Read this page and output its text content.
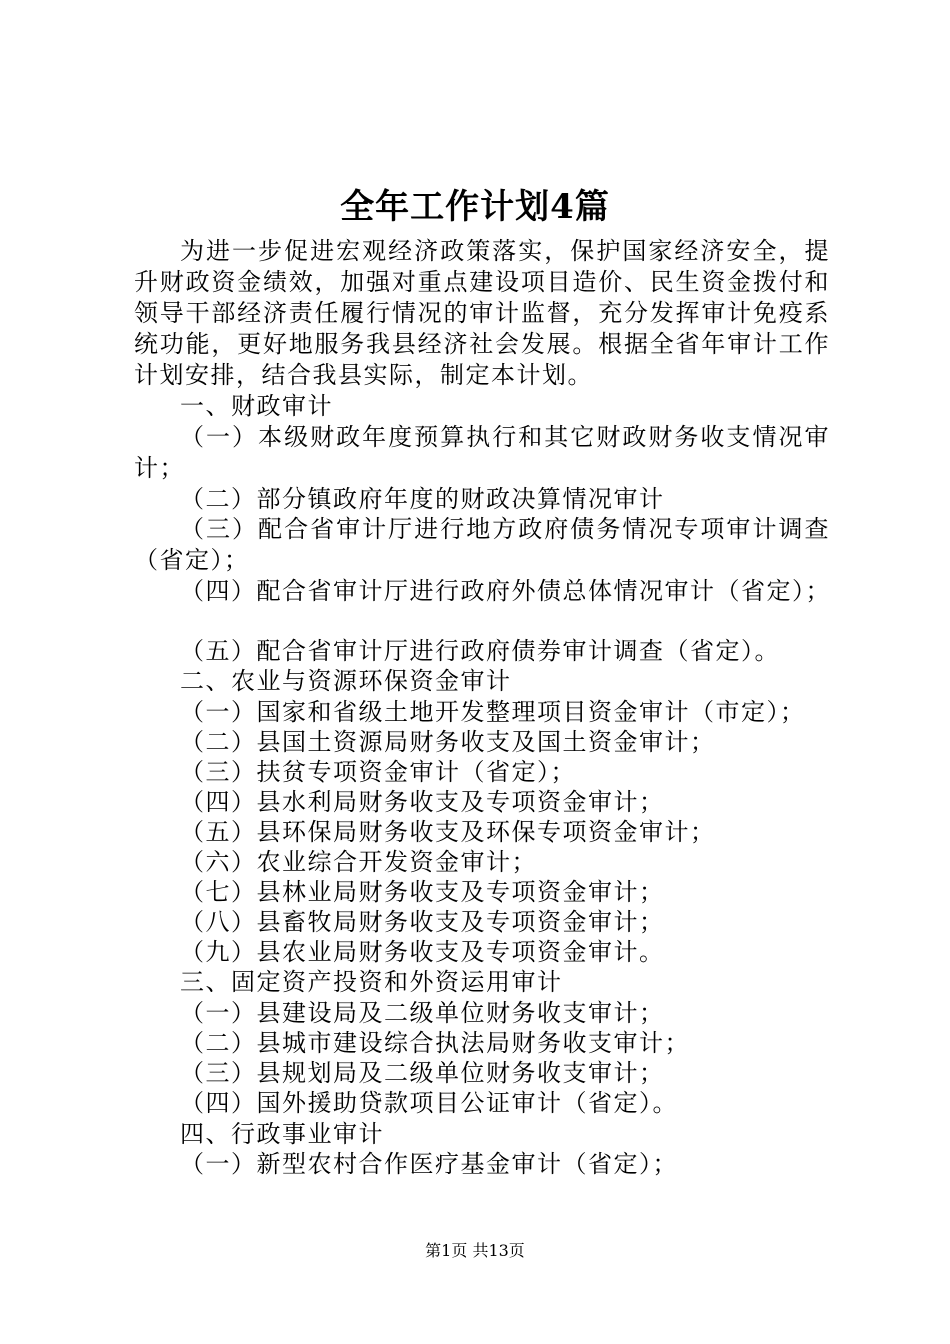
全年工作计划4篇
为进一步促进宏观经济政策落实，保护国家经济安全，提
升财政资金绩效，加强对重点建设项目造价、民生资金拨付和
领导干部经济责任履行情况的审计监督，充分发挥审计免疫系
统功能，更好地服务我县经济社会发展。根据全省年审计工作
计划安排，结合我县实际，制定本计划。
一、财政审计
（一）本级财政年度预算执行和其它财政财务收支情况审
计；
（二）部分镇政府年度的财政决算情况审计
（三）配合省审计厅进行地方政府债务情况专项审计调查
（省定）；
（四）配合省审计厅进行政府外债总体情况审计（省定）；
（五）配合省审计厅进行政府债券审计调查（省定）。
二、农业与资源环保资金审计
（一）国家和省级土地开发整理项目资金审计（市定）；
（二）县国土资源局财务收支及国土资金审计；
（三）扶贫专项资金审计（省定）；
（四）县水利局财务收支及专项资金审计；
（五）县环保局财务收支及环保专项资金审计；
（六）农业综合开发资金审计；
（七）县林业局财务收支及专项资金审计；
（八）县畜牧局财务收支及专项资金审计；
（九）县农业局财务收支及专项资金审计。
三、固定资产投资和外资运用审计
（一）县建设局及二级单位财务收支审计；
（二）县城市建设综合执法局财务收支审计；
（三）县规划局及二级单位财务收支审计；
（四）国外援助贷款项目公证审计（省定）。
四、行政事业审计
（一）新型农村合作医疗基金审计（省定）；
第1页 共13页
